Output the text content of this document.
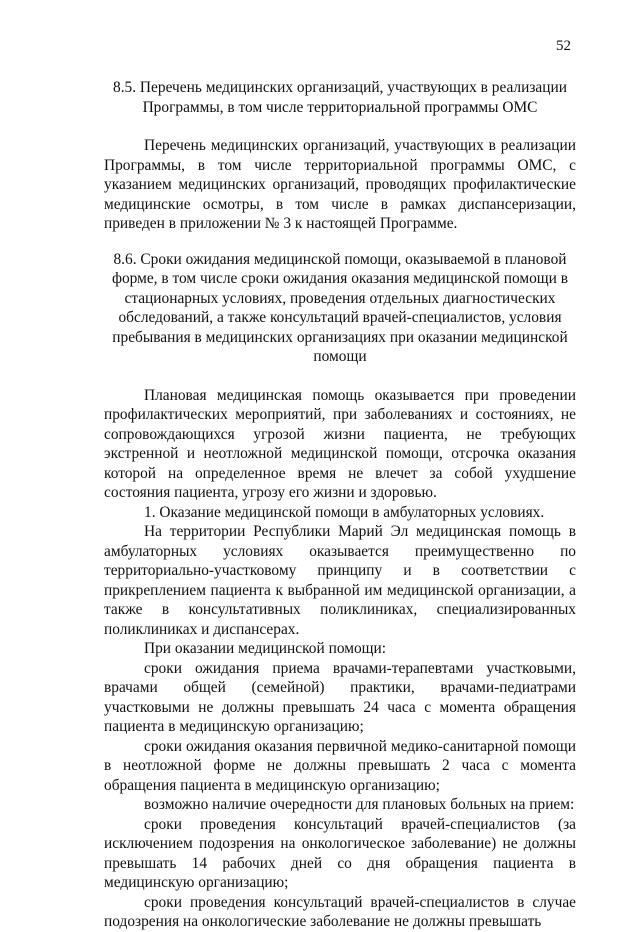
52

8.5. Перечень медицинских организаций, участвующих в реализации Программы, в том числе территориальной программы ОМС

Перечень медицинских организаций, участвующих в реализации Программы, в том числе территориальной программы ОМС, с указанием медицинских организаций, проводящих профилактические медицинские осмотры, в том числе в рамках диспансеризации, приведен в приложении № 3 к настоящей Программе.

8.6. Сроки ожидания медицинской помощи, оказываемой в плановой форме, в том числе сроки ожидания оказания медицинской помощи в стационарных условиях, проведения отдельных диагностических обследований, а также консультаций врачей-специалистов, условия пребывания в медицинских организациях при оказании медицинской помощи

Плановая медицинская помощь оказывается при проведении профилактических мероприятий, при заболеваниях и состояниях, не сопровождающихся угрозой жизни пациента, не требующих экстренной и неотложной медицинской помощи, отсрочка оказания которой на определенное время не влечет за собой ухудшение состояния пациента, угрозу его жизни и здоровью.

1. Оказание медицинской помощи в амбулаторных условиях.

На территории Республики Марий Эл медицинская помощь в амбулаторных условиях оказывается преимущественно по территориально-участковому принципу и в соответствии с прикреплением пациента к выбранной им медицинской организации, а также в консультативных поликлиниках, специализированных поликлиниках и диспансерах.

При оказании медицинской помощи:

сроки ожидания приема врачами-терапевтами участковыми, врачами общей (семейной) практики, врачами-педиатрами участковыми не должны превышать 24 часа с момента обращения пациента в медицинскую организацию;

сроки ожидания оказания первичной медико-санитарной помощи в неотложной форме не должны превышать 2 часа с момента обращения пациента в медицинскую организацию;

возможно наличие очередности для плановых больных на прием:

сроки проведения консультаций врачей-специалистов (за исключением подозрения на онкологическое заболевание) не должны превышать 14 рабочих дней со дня обращения пациента в медицинскую организацию;

сроки проведения консультаций врачей-специалистов в случае подозрения на онкологические заболевание не должны превышать
